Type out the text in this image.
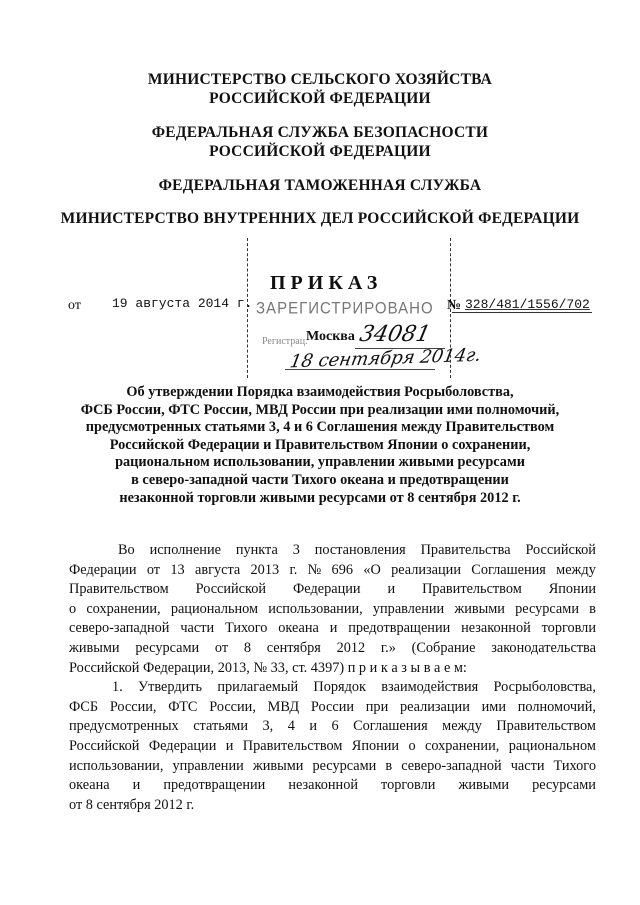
МИНИСТЕРСТВО СЕЛЬСКОГО ХОЗЯЙСТВА
РОССИЙСКОЙ ФЕДЕРАЦИИ
ФЕДЕРАЛЬНАЯ СЛУЖБА БЕЗОПАСНОСТИ
РОССИЙСКОЙ ФЕДЕРАЦИИ
ФЕДЕРАЛЬНАЯ ТАМОЖЕННАЯ СЛУЖБА
МИНИСТЕРСТВО ВНУТРЕННИХ ДЕЛ РОССИЙСКОЙ ФЕДЕРАЦИИ
ПРИКАЗ
ЗАРЕГИСТРИРОВАНО
Регистрац.
Москва 34081
18 сентября 2014г.
от 19 августа 2014 г.	№ 328/481/1556/702
Об утверждении Порядка взаимодействия Росрыболовства,
ФСБ России, ФТС России, МВД России при реализации ими полномочий,
предусмотренных статьями 3, 4 и 6 Соглашения между Правительством
Российской Федерации и Правительством Японии о сохранении,
рациональном использовании, управлении живыми ресурсами
в северо-западной части Тихого океана и предотвращении
незаконной торговли живыми ресурсами от 8 сентября 2012 г.
Во исполнение пункта 3 постановления Правительства Российской
Федерации от 13 августа 2013 г. № 696 «О реализации Соглашения между
Правительством Российской Федерации и Правительством Японии
о сохранении, рациональном использовании, управлении живыми ресурсами в
северо-западной части Тихого океана и предотвращении незаконной торговли
живыми ресурсами от 8 сентября 2012 г.» (Собрание законодательства
Российской Федерации, 2013, № 33, ст. 4397) п р и к а з ы в а е м:
1. Утвердить прилагаемый Порядок взаимодействия Росрыболовства,
ФСБ России, ФТС России, МВД России при реализации ими полномочий,
предусмотренных статьями 3, 4 и 6 Соглашения между Правительством
Российской Федерации и Правительством Японии о сохранении, рациональном
использовании, управлении живыми ресурсами в северо-западной части Тихого
океана и предотвращении незаконной торговли живыми ресурсами
от 8 сентября 2012 г.
